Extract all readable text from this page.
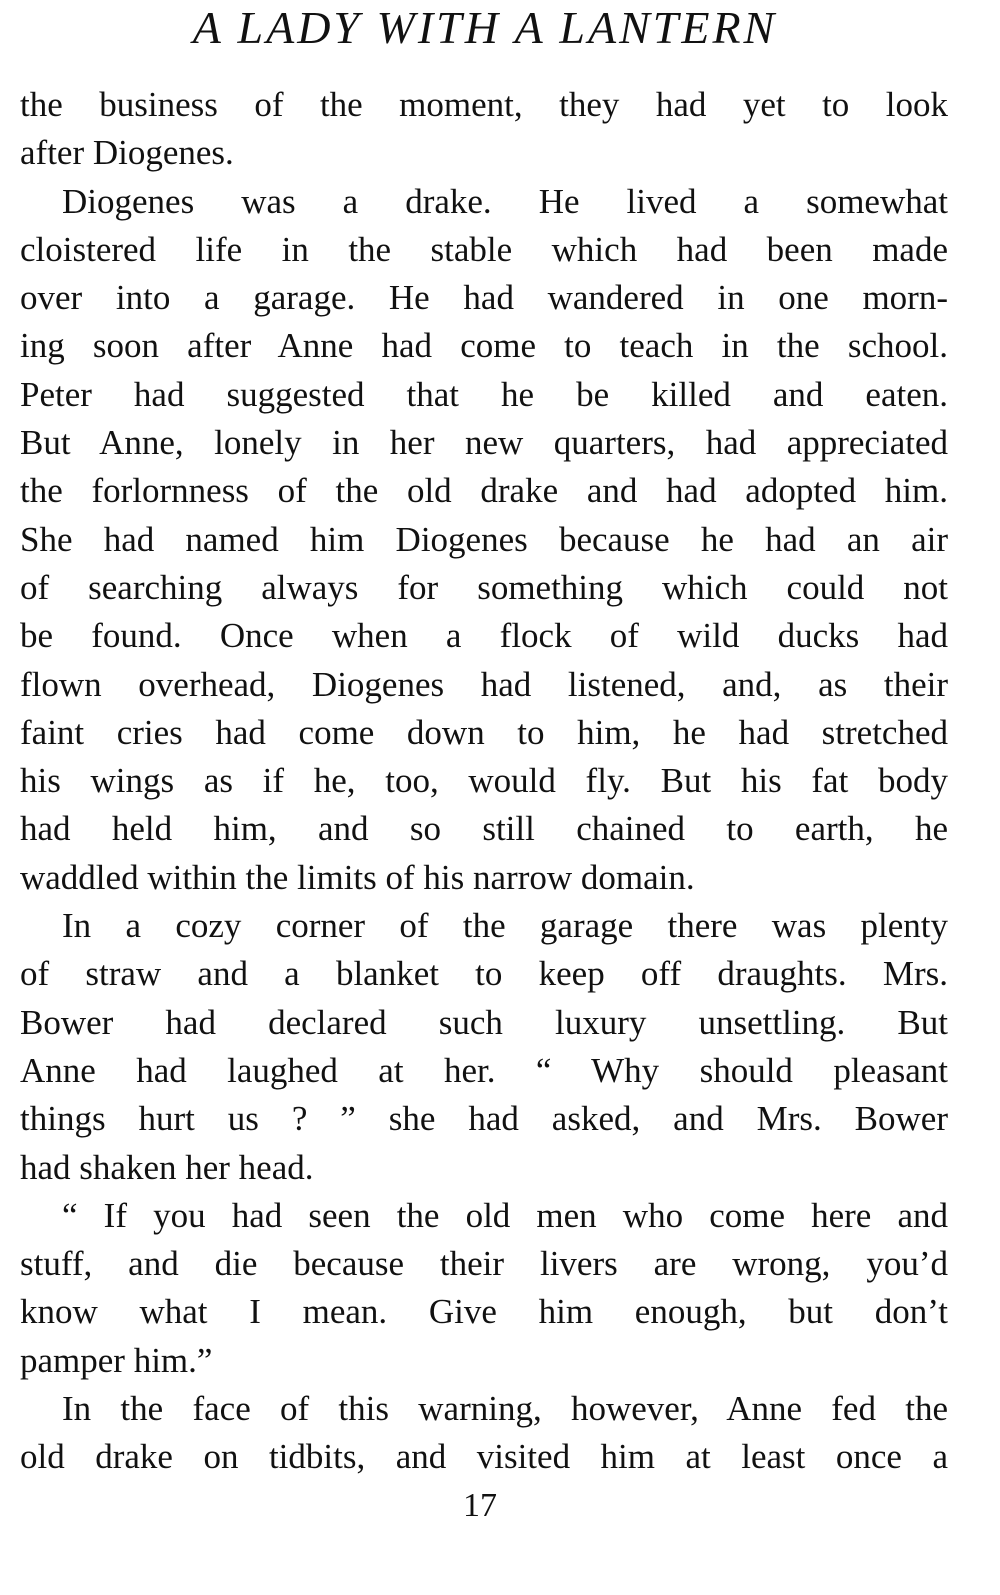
A LADY WITH A LANTERN
the business of the moment, they had yet to look
after Diogenes.
Diogenes was a drake. He lived a somewhat
cloistered life in the stable which had been made
over into a garage. He had wandered in one morn-
ing soon after Anne had come to teach in the school.
Peter had suggested that he be killed and eaten.
But Anne, lonely in her new quarters, had appreciated
the forlornness of the old drake and had adopted him.
She had named him Diogenes because he had an air
of searching always for something which could not
be found. Once when a flock of wild ducks had
flown overhead, Diogenes had listened, and, as their
faint cries had come down to him, he had stretched
his wings as if he, too, would fly. But his fat body
had held him, and so still chained to earth, he
waddled within the limits of his narrow domain.
In a cozy corner of the garage there was plenty
of straw and a blanket to keep off draughts. Mrs.
Bower had declared such luxury unsettling. But
Anne had laughed at her. “ Why should pleasant
things hurt us ? ” she had asked, and Mrs. Bower
had shaken her head.
“ If you had seen the old men who come here and
stuff, and die because their livers are wrong, you’d
know what I mean. Give him enough, but don’t
pamper him.”
In the face of this warning, however, Anne fed the
old drake on tidbits, and visited him at least once a
17
